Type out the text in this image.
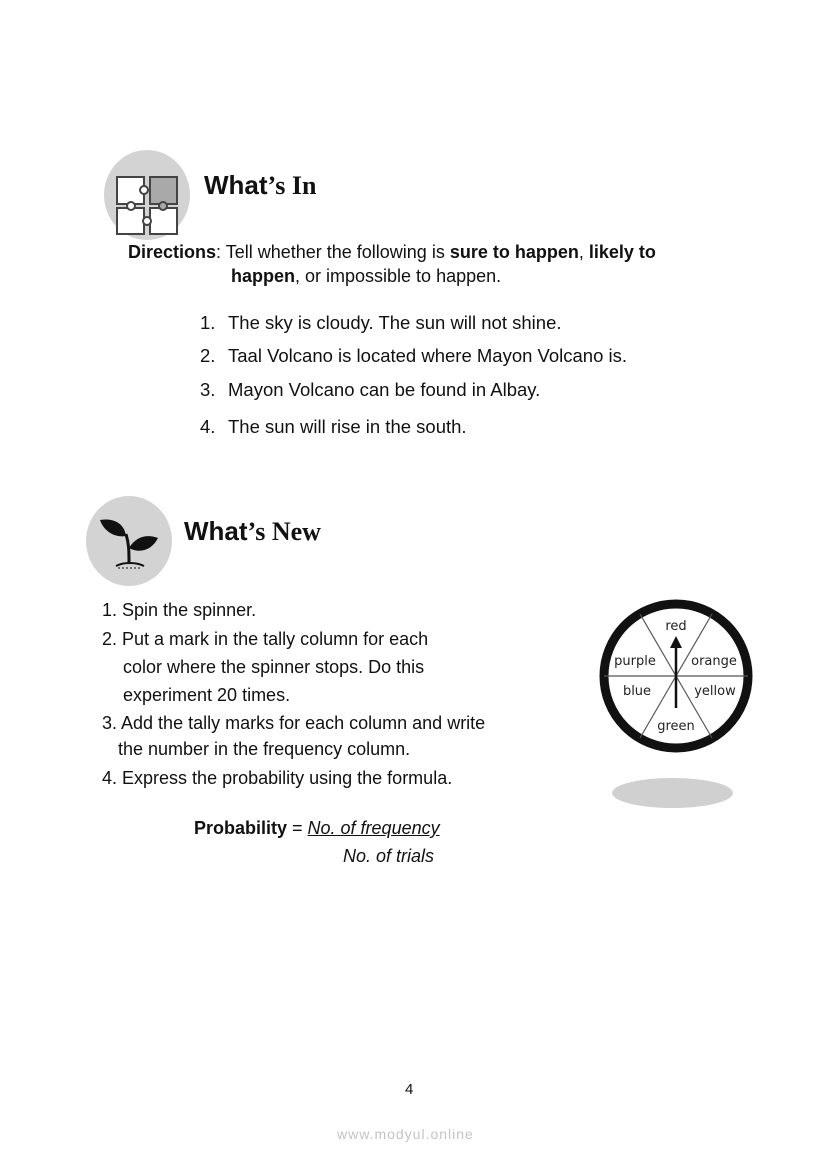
What’s In
Directions: Tell whether the following is sure to happen, likely to
happen, or impossible to happen.
1. The sky is cloudy. The sun will not shine.
2. Taal Volcano is located where Mayon Volcano is.
3. Mayon Volcano can be found in Albay.
4. The sun will rise in the south.
What’s New
1. Spin the spinner.
2. Put a mark in the tally column for each
color where the spinner stops. Do this
experiment 20 times.
3. Add the tally marks for each column and write
the number in the frequency column.
4. Express the probability using the formula.
red
orange
yellow
green
blue
purple
Probability = No. of frequency
No. of trials
4
www.modyul.online
